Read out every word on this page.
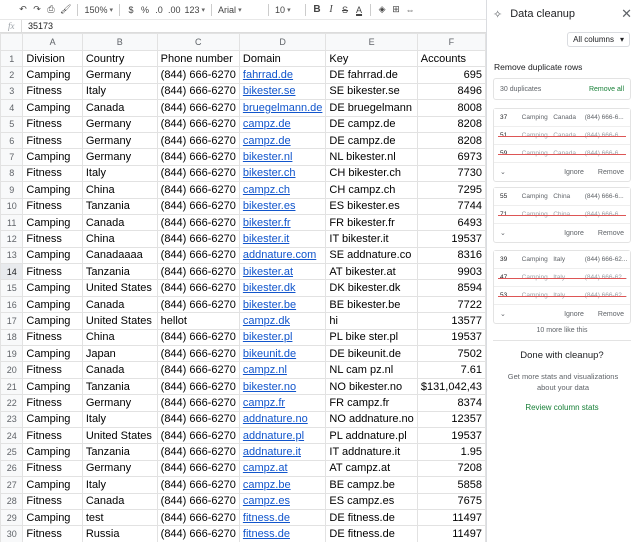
↶ ↷ ⎙ 🖌 150% ▾	$ % .0 .00 123 ▾	Arial ▾	10 ▾	B I	S A	◈ ⊞ ⇔
fx	35173
	A	B	C	D	E	F
1	Division	Country	Phone number	Domain	Key	Accounts
2	Camping	Germany	(844) 666-6270	fahrrad.de	DE fahrrad.de	695
3	Fitness	Italy	(844) 666-6270	bikester.se	SE bikester.se	8496
4	Camping	Canada	(844) 666-6270	bruegelmann.de	DE bruegelmann	8008
5	Fitness	Germany	(844) 666-6270	campz.de	DE campz.de	8208
6	Fitness	Germany	(844) 666-6270	campz.de	DE campz.de	8208
7	Camping	Germany	(844) 666-6270	bikester.nl	NL bikester.nl	6973
8	Fitness	Italy	(844) 666-6270	bikester.ch	CH bikester.ch	7730
9	Camping	China	(844) 666-6270	campz.ch	CH campz.ch	7295
10	Fitness	Tanzania	(844) 666-6270	bikester.es	ES bikester.es	7744
11	Camping	Canada	(844) 666-6270	bikester.fr	FR bikester.fr	6493
12	Fitness	China	(844) 666-6270	bikester.it	IT bikester.it	19537
13	Camping	Canadaaaa	(844) 666-6270	addnature.com	SE addnature.co	8316
14	Fitness	Tanzania	(844) 666-6270	bikester.at	AT bikester.at	9903
15	Camping	United States	(844) 666-6270	bikester.dk	DK bikester.dk	8594
16	Camping	Canada	(844) 666-6270	bikester.be	BE bikester.be	7722
17	Camping	United States	hellot	campz.dk	hi	13577
18	Fitness	China	(844) 666-6270	bikester.pl	PL bike ster.pl	19537
19	Camping	Japan	(844) 666-6270	bikeunit.de	DE bikeunit.de	7502
20	Fitness	Canada	(844) 666-6270	campz.nl	NL cam pz.nl	7.61
21	Camping	Tanzania	(844) 666-6270	bikester.no	NO bikester.no	$131,042,43
22	Fitness	Germany	(844) 666-6270	campz.fr	FR campz.fr	8374
23	Camping	Italy	(844) 666-6270	addnature.no	NO addnature.no	12357
24	Fitness	United States	(844) 666-6270	addnature.pl	PL addnature.pl	19537
25	Camping	Tanzania	(844) 666-6270	addnature.it	IT addnature.it	1.95
26	Fitness	Germany	(844) 666-6270	campz.at	AT campz.at	7208
27	Camping	Italy	(844) 666-6270	campz.be	BE campz.be	5858
28	Fitness	Canada	(844) 666-6270	campz.es	ES campz.es	7675
29	Camping	test	(844) 666-6270	fitness.de	DE fitness.de	11497
30	Fitness	Russia	(844) 666-6270	fitness.de	DE fitness.de	11497
✧ Data cleanup	✕
All columns ▾
Remove duplicate rows
30 duplicates	Remove all
37	Camping Canada	(844) 666-6...
51	Camping Canada	(844) 666-6...
59	Camping Canada	(844) 666-6...
⌄	Ignore Remove
55	Camping China	(844) 666-6...
71	Camping China	(844) 666-6...
⌄	Ignore Remove
39	Camping Italy	(844) 666-62...
47	Camping Italy	(844) 666-62...
53	Camping Italy	(844) 666-62...
⌄	Ignore Remove
10 more like this
Done with cleanup?
Get more stats and visualizations about your data
Review column stats
